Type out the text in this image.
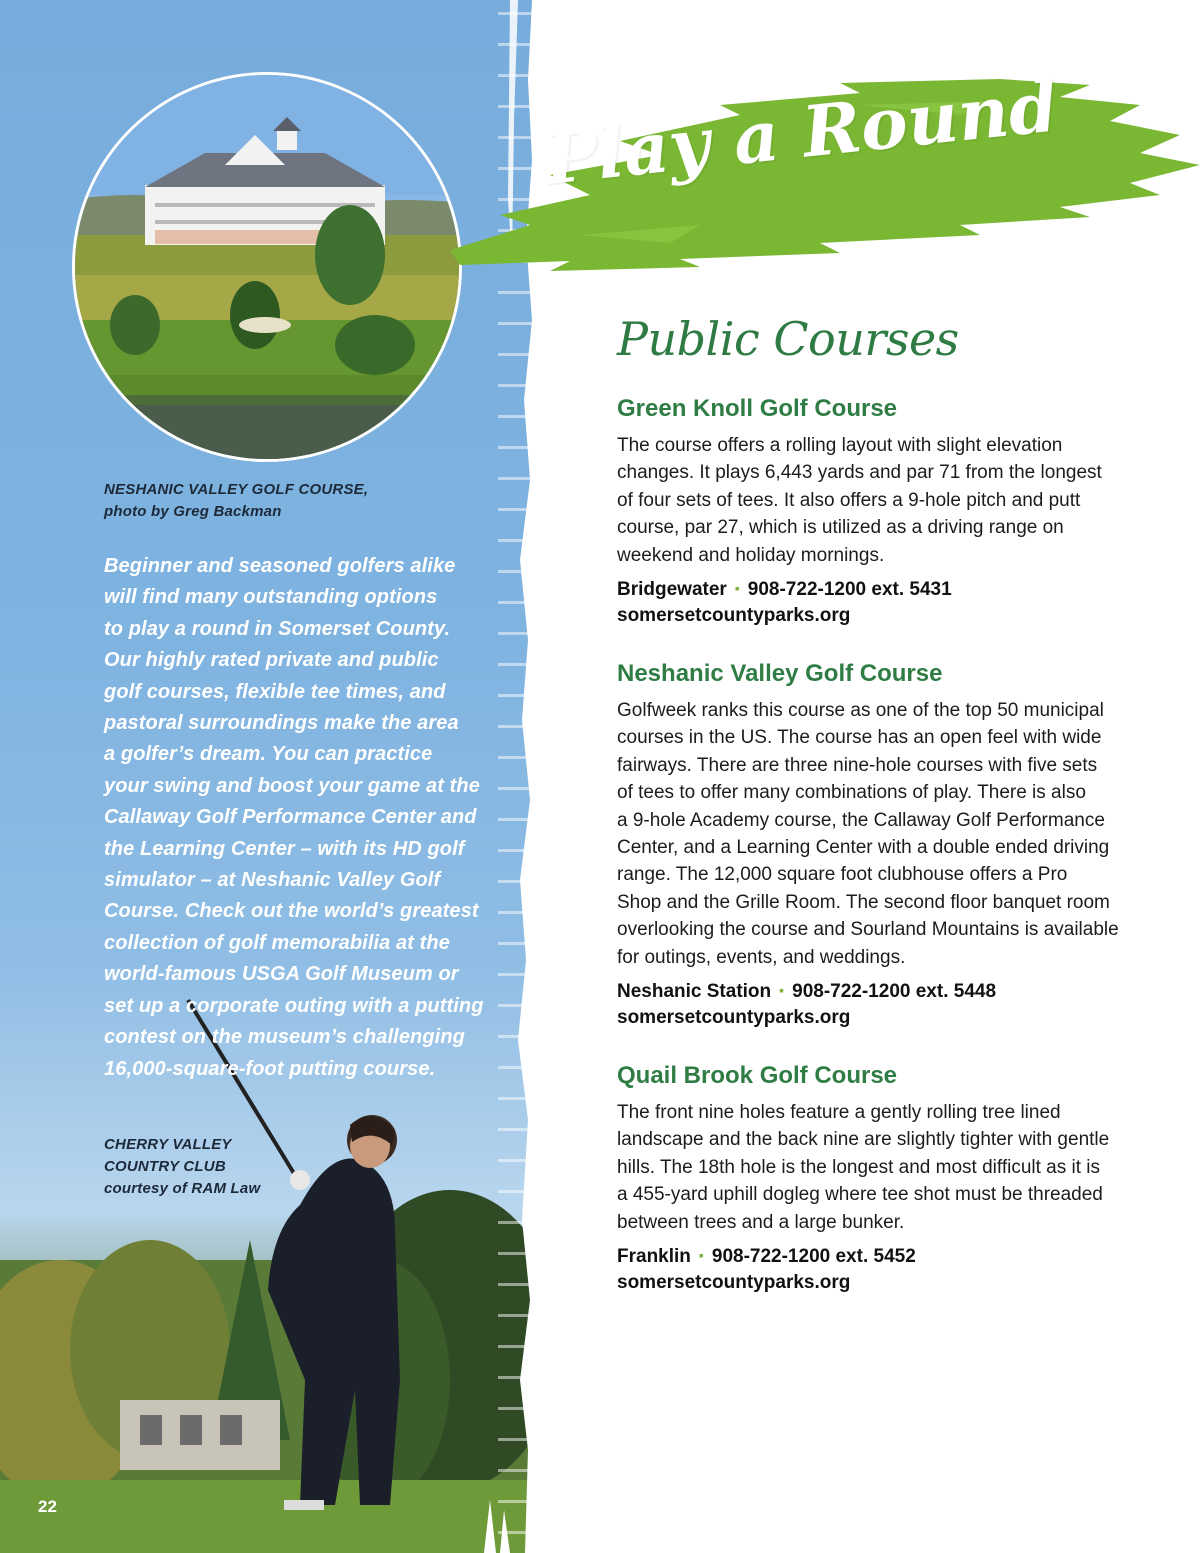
NESHANIC VALLEY GOLF COURSE,
photo by Greg Backman
Beginner and seasoned golfers alike
will find many outstanding options
to play a round in Somerset County.
Our highly rated private and public
golf courses, flexible tee times, and
pastoral surroundings make the area
a golfer’s dream. You can practice
your swing and boost your game at the
Callaway Golf Performance Center and
the Learning Center – with its HD golf
simulator – at Neshanic Valley Golf
Course. Check out the world’s greatest
collection of golf memorabilia at the
world-famous USGA Golf Museum or
set up a corporate outing with a putting
contest on the museum’s challenging
16,000-square-foot putting course.
CHERRY VALLEY
COUNTRY CLUB
courtesy of RAM Law
22
Play a Round
Public Courses
Green Knoll Golf Course
The course offers a rolling layout with slight elevation
changes. It plays 6,443 yards and par 71 from the longest
of four sets of tees. It also offers a 9-hole pitch and putt
course, par 27, which is utilized as a driving range on
weekend and holiday mornings.
Bridgewater ▪ 908-722-1200 ext. 5431
somersetcountyparks.org
Neshanic Valley Golf Course
Golfweek ranks this course as one of the top 50 municipal
courses in the US. The course has an open feel with wide
fairways. There are three nine-hole courses with five sets
of tees to offer many combinations of play. There is also
a 9-hole Academy course, the Callaway Golf Performance
Center, and a Learning Center with a double ended driving
range. The 12,000 square foot clubhouse offers a Pro
Shop and the Grille Room. The second floor banquet room
overlooking the course and Sourland Mountains is available
for outings, events, and weddings.
Neshanic Station ▪ 908-722-1200 ext. 5448
somersetcountyparks.org
Quail Brook Golf Course
The front nine holes feature a gently rolling tree lined
landscape and the back nine are slightly tighter with gentle
hills. The 18th hole is the longest and most difficult as it is
a 455-yard uphill dogleg where tee shot must be threaded
between trees and a large bunker.
Franklin ▪ 908-722-1200 ext. 5452
somersetcountyparks.org
